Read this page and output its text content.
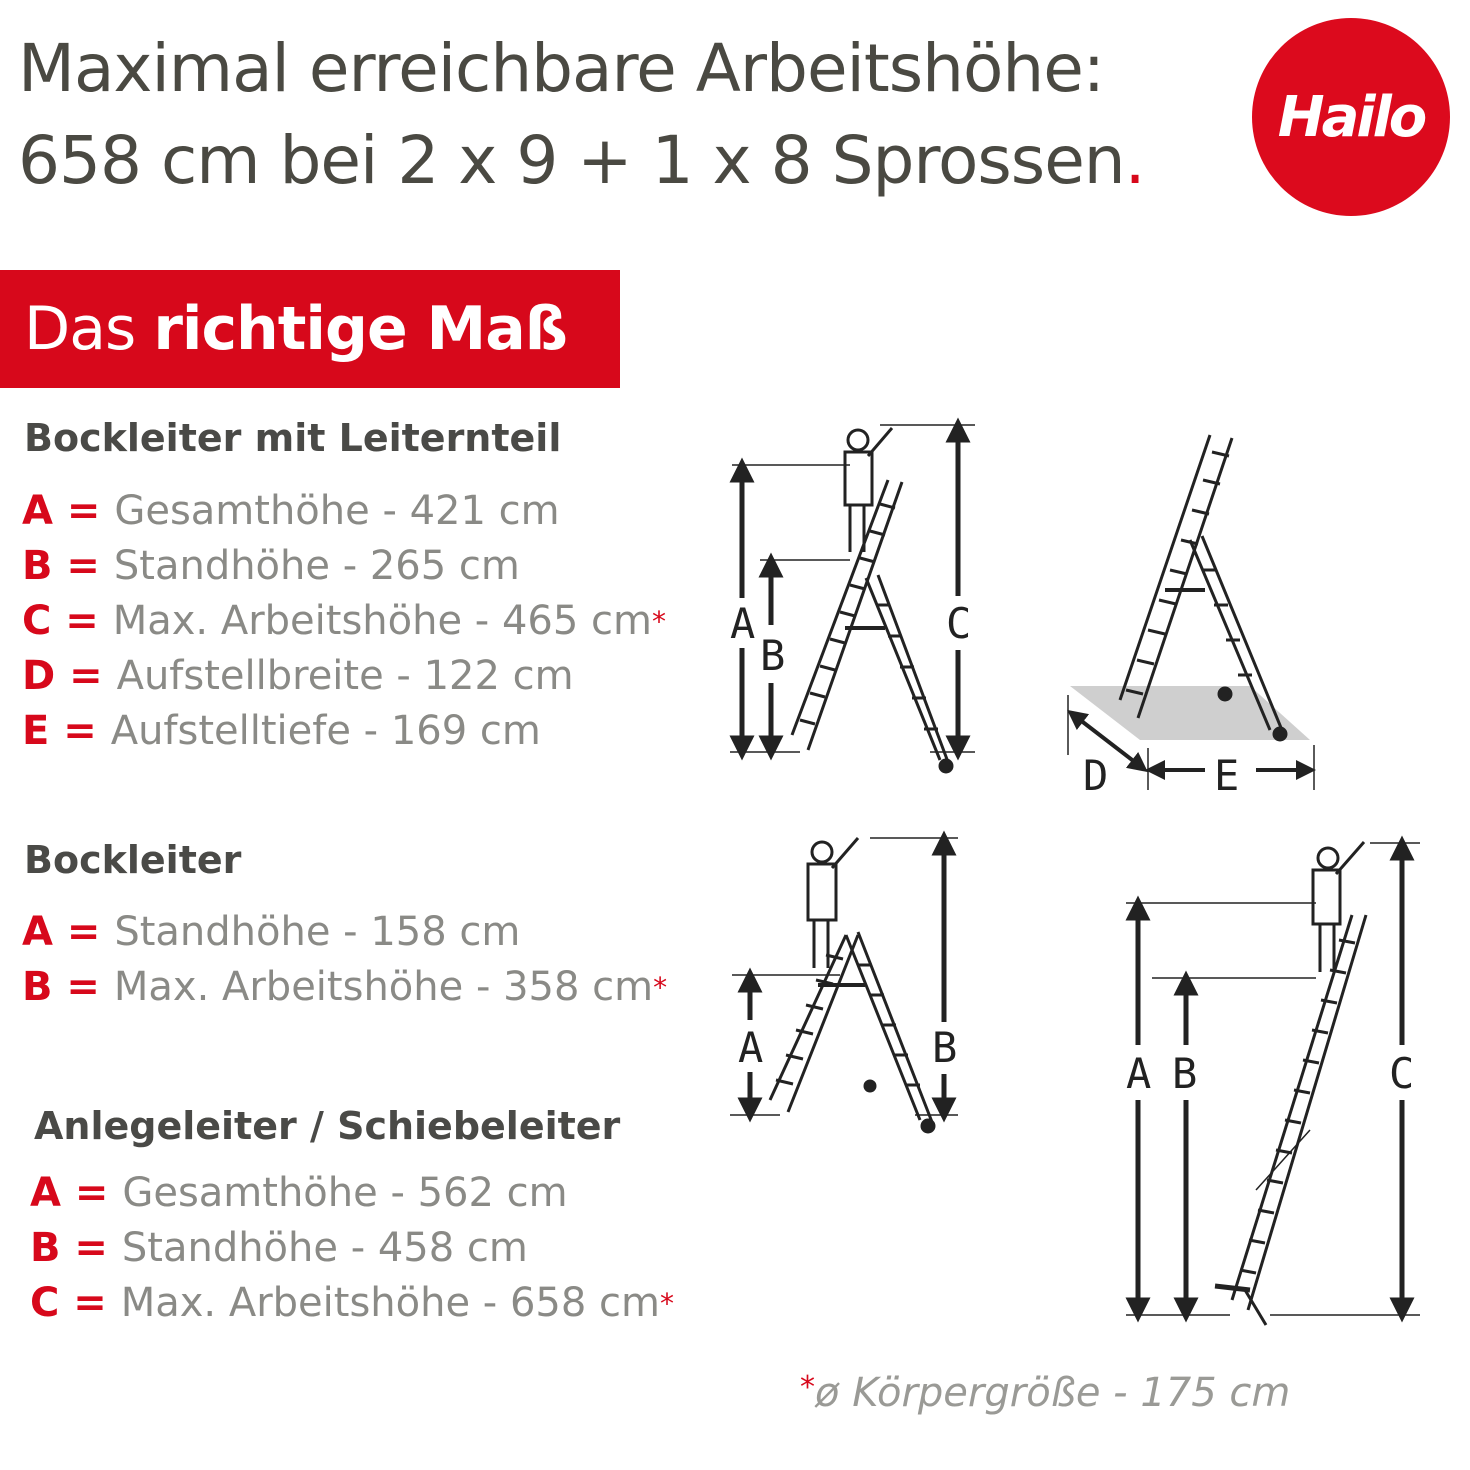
Maximal erreichbare Arbeitshöhe:
658 cm bei 2 x 9 + 1 x 8 Sprossen.
Hailo
Das richtige Maß
Bockleiter mit Leiternteil
A = Gesamthöhe - 421 cm
B = Standhöhe - 265 cm
C = Max. Arbeitshöhe - 465 cm*
D = Aufstellbreite - 122 cm
E = Aufstelltiefe - 169 cm
Bockleiter
A = Standhöhe - 158 cm
B = Max. Arbeitshöhe - 358 cm*
Anlegeleiter / Schiebeleiter
A = Gesamthöhe - 562 cm
B = Standhöhe - 458 cm
C = Max. Arbeitshöhe - 658 cm*
*ø Körpergröße - 175 cm
A
B
C
D	E
A	B
A B	C
